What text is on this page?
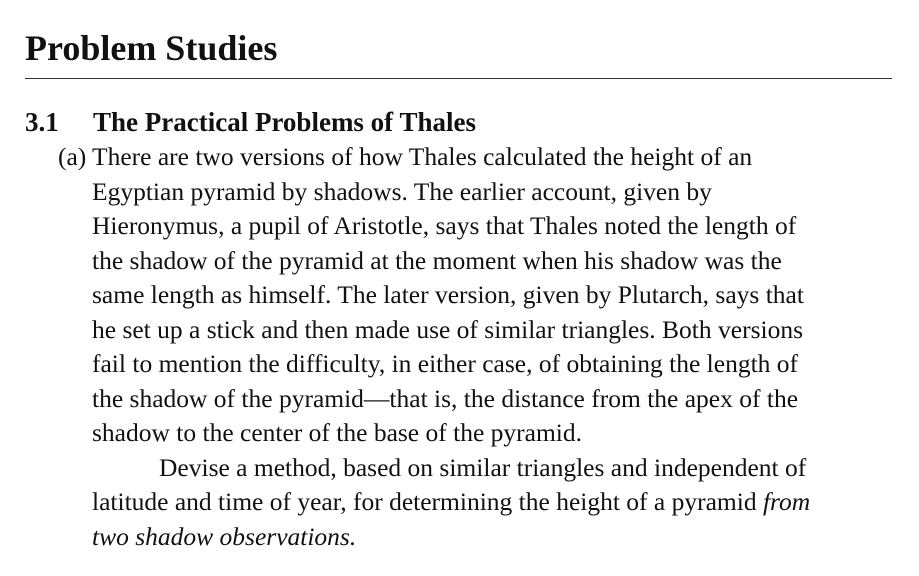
Problem Studies
3.1 The Practical Problems of Thales
(a) There are two versions of how Thales calculated the height of an
Egyptian pyramid by shadows. The earlier account, given by
Hieronymus, a pupil of Aristotle, says that Thales noted the length of
the shadow of the pyramid at the moment when his shadow was the
same length as himself. The later version, given by Plutarch, says that
he set up a stick and then made use of similar triangles. Both versions
fail to mention the difficulty, in either case, of obtaining the length of
the shadow of the pyramid—that is, the distance from the apex of the
shadow to the center of the base of the pyramid.
Devise a method, based on similar triangles and independent of
latitude and time of year, for determining the height of a pyramid from
two shadow observations.
